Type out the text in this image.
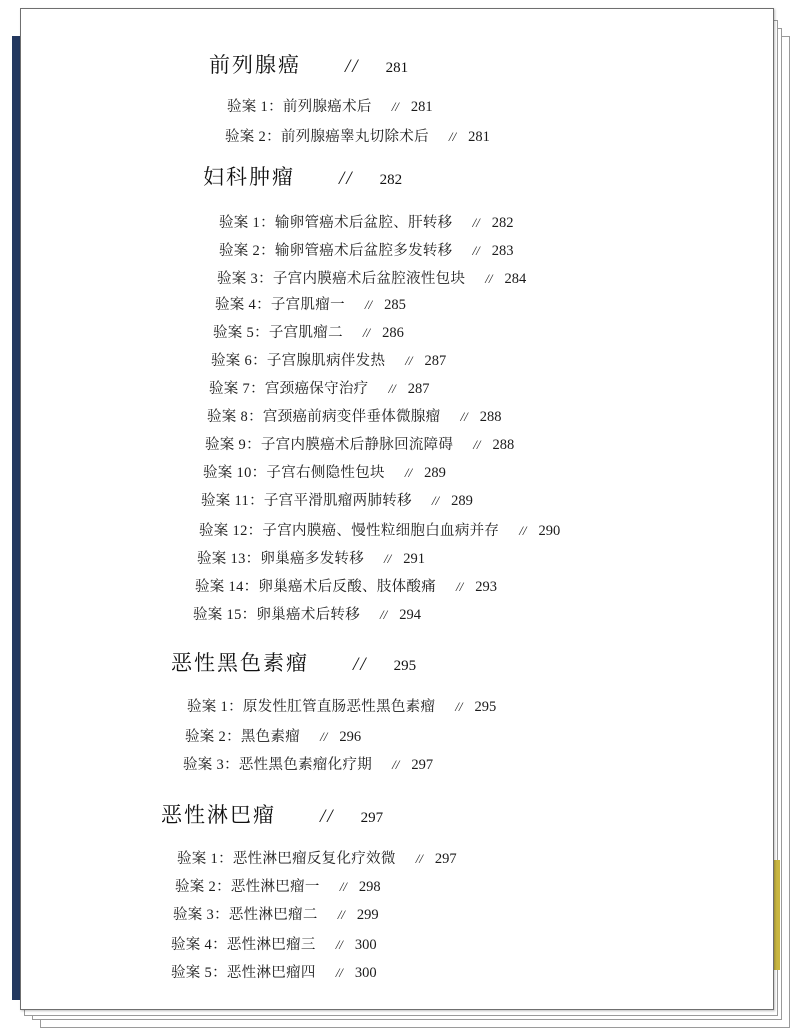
前列腺癌 // 281
验案 1：前列腺癌术后 // 281
验案 2：前列腺癌睾丸切除术后 // 281
妇科肿瘤 // 282
验案 1：输卵管癌术后盆腔、肝转移 // 282
验案 2：输卵管癌术后盆腔多发转移 // 283
验案 3：子宫内膜癌术后盆腔液性包块 // 284
验案 4：子宫肌瘤一 // 285
验案 5：子宫肌瘤二 // 286
验案 6：子宫腺肌病伴发热 // 287
验案 7：宫颈癌保守治疗 // 287
验案 8：宫颈癌前病变伴垂体微腺瘤 // 288
验案 9：子宫内膜癌术后静脉回流障碍 // 288
验案 10：子宫右侧隐性包块 // 289
验案 11：子宫平滑肌瘤两肺转移 // 289
验案 12：子宫内膜癌、慢性粒细胞白血病并存 // 290
验案 13：卵巢癌多发转移 // 291
验案 14：卵巢癌术后反酸、肢体酸痛 // 293
验案 15：卵巢癌术后转移 // 294
恶性黑色素瘤 // 295
验案 1：原发性肛管直肠恶性黑色素瘤 // 295
验案 2：黑色素瘤 // 296
验案 3：恶性黑色素瘤化疗期 // 297
恶性淋巴瘤 // 297
验案 1：恶性淋巴瘤反复化疗效微 // 297
验案 2：恶性淋巴瘤一 // 298
验案 3：恶性淋巴瘤二 // 299
验案 4：恶性淋巴瘤三 // 300
验案 5：恶性淋巴瘤四 // 300
